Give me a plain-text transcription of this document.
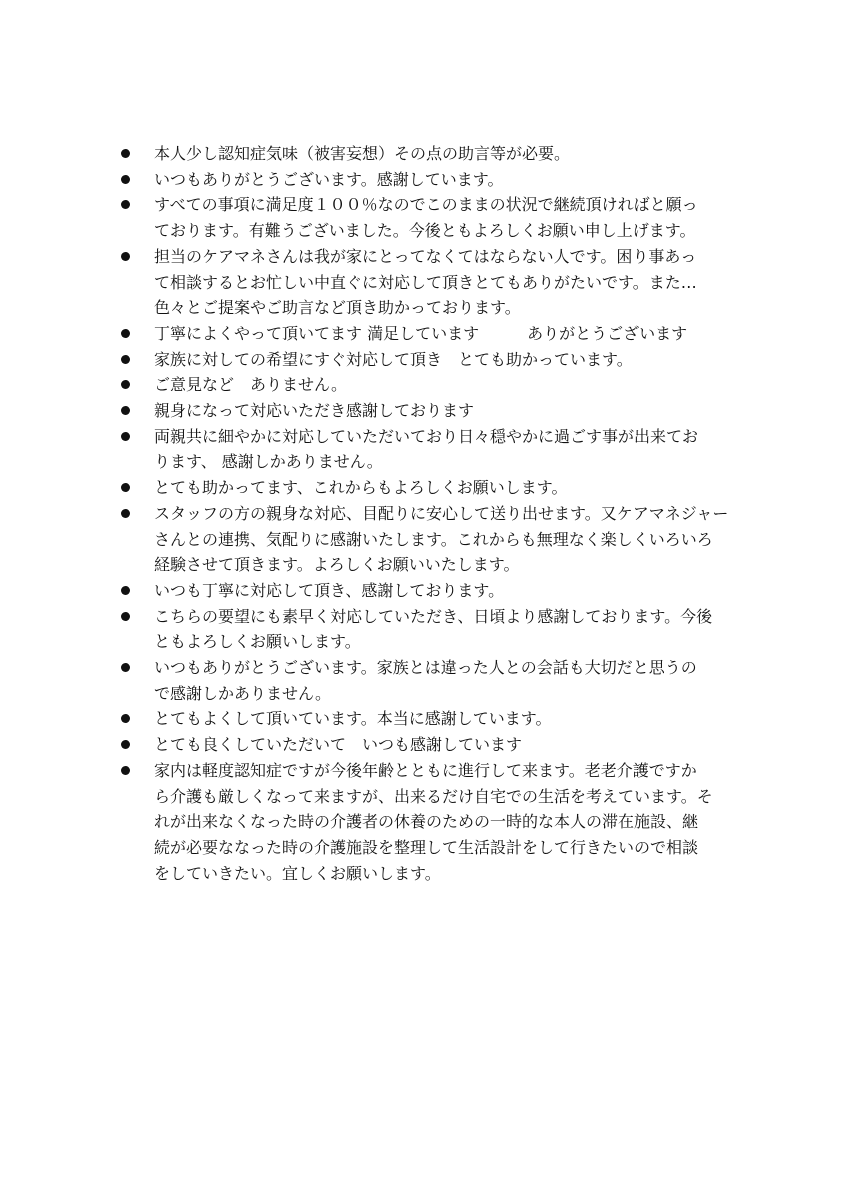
本人少し認知症気味（被害妄想）その点の助言等が必要。
いつもありがとうございます。感謝しています。
すべての事項に満足度１００％なのでこのままの状況で継続頂ければと願っ
ております。有難うございました。今後ともよろしくお願い申し上げます。
担当のケアマネさんは我が家にとってなくてはならない人です。困り事あっ
て相談するとお忙しい中直ぐに対応して頂きとてもありがたいです。また…
色々とご提案やご助言など頂き助かっております。
丁寧によくやって頂いてます 満足しています　　　ありがとうございます
家族に対しての希望にすぐ対応して頂き　とても助かっています。
ご意見など　ありません。
親身になって対応いただき感謝しております
両親共に細やかに対応していただいており日々穏やかに過ごす事が出来てお
ります、 感謝しかありません。
とても助かってます、これからもよろしくお願いします。
スタッフの方の親身な対応、目配りに安心して送り出せます。又ケアマネジャー
さんとの連携、気配りに感謝いたします。これからも無理なく楽しくいろいろ
経験させて頂きます。よろしくお願いいたします。
いつも丁寧に対応して頂き、感謝しております。
こちらの要望にも素早く対応していただき、日頃より感謝しております。今後
ともよろしくお願いします。
いつもありがとうございます。家族とは違った人との会話も大切だと思うの
で感謝しかありません。
とてもよくして頂いています。本当に感謝しています。
とても良くしていただいて　いつも感謝しています
家内は軽度認知症ですが今後年齢とともに進行して来ます。老老介護ですか
ら介護も厳しくなって来ますが、出来るだけ自宅での生活を考えています。そ
れが出来なくなった時の介護者の休養のための一時的な本人の滞在施設、継
続が必要ななった時の介護施設を整理して生活設計をして行きたいので相談
をしていきたい。宜しくお願いします。
